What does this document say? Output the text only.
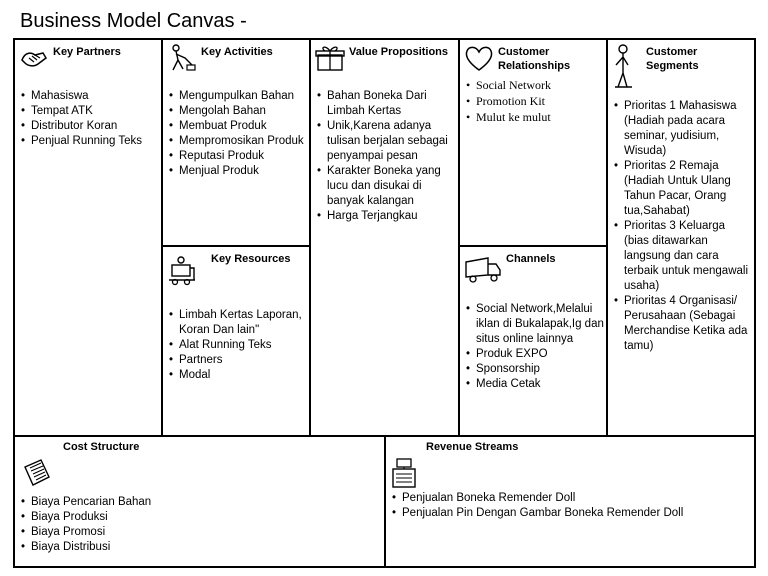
Business Model Canvas -
Key Partners
• Mahasiswa
• Tempat ATK
• Distributor Koran
• Penjual Running Teks
Key Activities
• Mengumpulkan Bahan
• Mengolah Bahan
• Membuat Produk
• Mempromosikan Produk
• Reputasi Produk
• Menjual Produk
Key Resources
• Limbah Kertas Laporan, Koran Dan lain"
• Alat Running Teks
• Partners
• Modal
Value Propositions
• Bahan Boneka Dari Limbah Kertas
• Unik,Karena adanya tulisan berjalan sebagai penyampai pesan
• Karakter Boneka yang lucu dan disukai di banyak kalangan
• Harga Terjangkau
Customer Relationships
• Social Network
• Promotion Kit
• Mulut ke mulut
Channels
• Social Network,Melalui iklan di Bukalapak,Ig dan situs online lainnya
• Produk EXPO
• Sponsorship
• Media Cetak
Customer Segments
• Prioritas 1 Mahasiswa (Hadiah pada acara seminar, yudisium, Wisuda)
• Prioritas 2 Remaja (Hadiah Untuk Ulang Tahun Pacar, Orang tua,Sahabat)
• Prioritas 3 Keluarga (bias ditawarkan langsung dan cara terbaik untuk mengawali usaha)
• Prioritas 4 Organisasi/ Perusahaan (Sebagai Merchandise Ketika ada tamu)
Cost Structure
• Biaya Pencarian Bahan
• Biaya Produksi
• Biaya Promosi
• Biaya Distribusi
Revenue Streams
• Penjualan Boneka Remender Doll
• Penjualan Pin Dengan Gambar Boneka Remender Doll
